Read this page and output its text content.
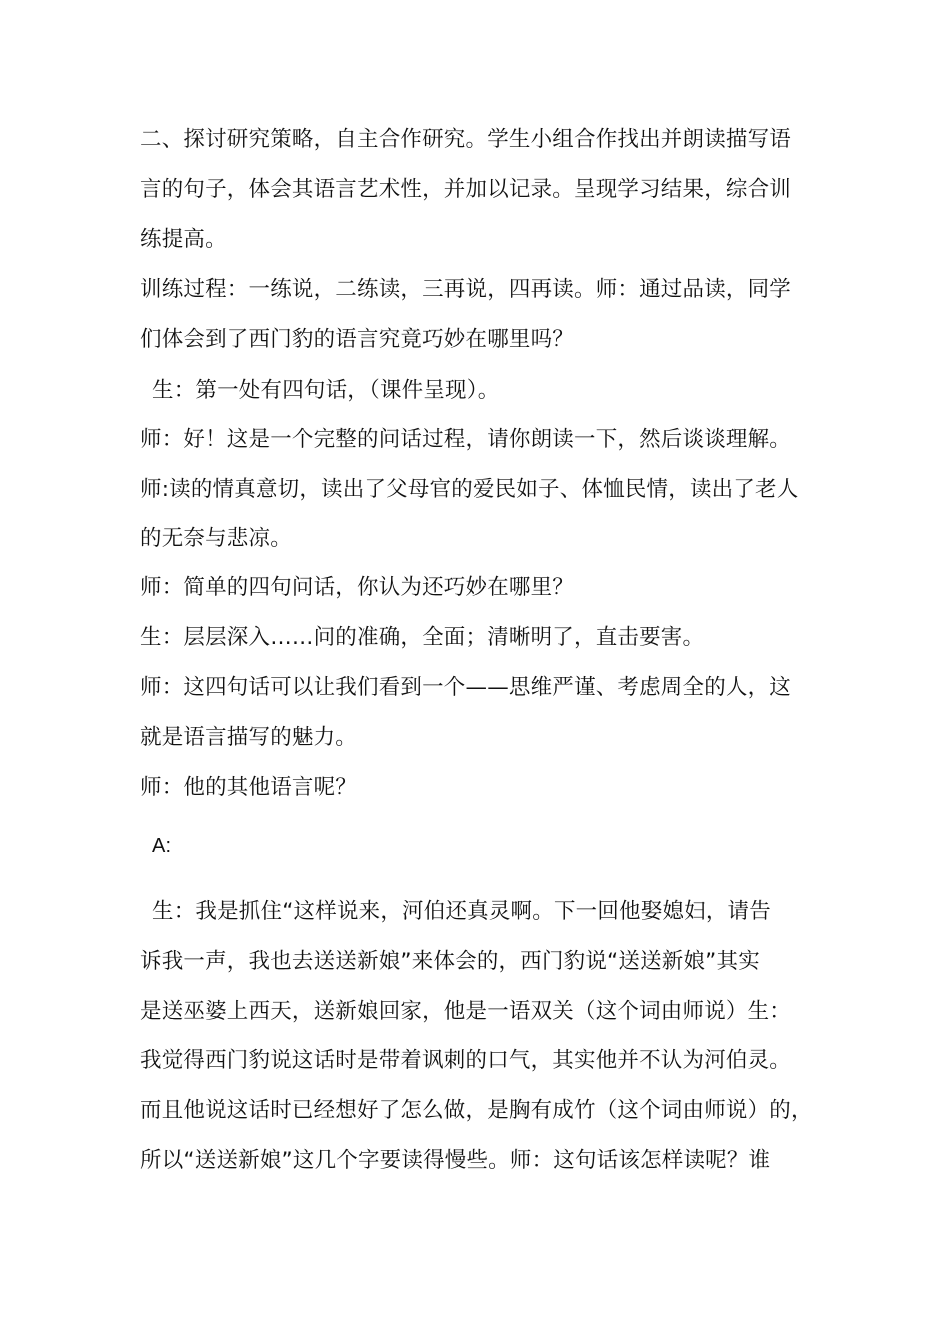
二、探讨研究策略，自主合作研究。学生小组合作找出并朗读描写语
言的句子，体会其语言艺术性，并加以记录。呈现学习结果，综合训
练提高。
训练过程：一练说，二练读，三再说，四再读。师：通过品读，同学
们体会到了西门豹的语言究竟巧妙在哪里吗？
生：第一处有四句话，（课件呈现）。
师：好！这是一个完整的问话过程，请你朗读一下，然后谈谈理解。
师:读的情真意切，读出了父母官的爱民如子、体恤民情，读出了老人
的无奈与悲凉。
师：简单的四句问话，你认为还巧妙在哪里？
生：层层深入……问的准确，全面；清晰明了，直击要害。
师：这四句话可以让我们看到一个——思维严谨、考虑周全的人，这
就是语言描写的魅力。
师：他的其他语言呢？
A:
生：我是抓住“这样说来，河伯还真灵啊。下一回他娶媳妇，请告
诉我一声，我也去送送新娘”来体会的，西门豹说“送送新娘”其实
是送巫婆上西天，送新娘回家，他是一语双关（这个词由师说）生：
我觉得西门豹说这话时是带着讽刺的口气，其实他并不认为河伯灵。
而且他说这话时已经想好了怎么做，是胸有成竹（这个词由师说）的，
所以“送送新娘”这几个字要读得慢些。师：这句话该怎样读呢？谁
